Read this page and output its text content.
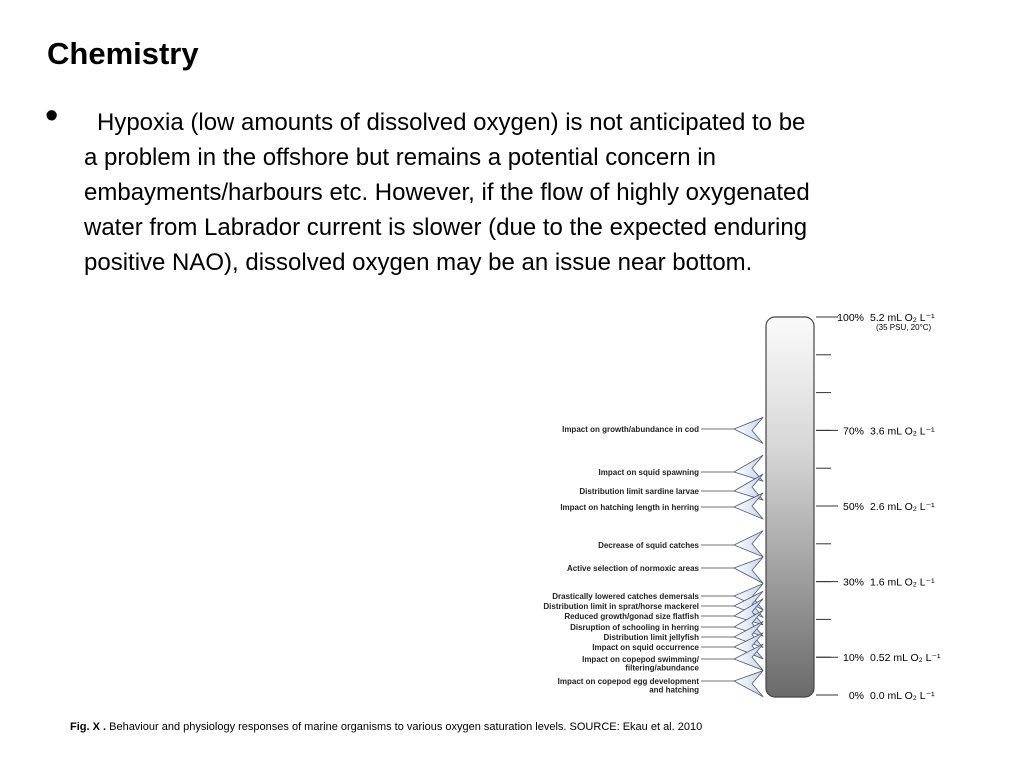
Chemistry
•	Hypoxia (low amounts of dissolved oxygen) is not anticipated to be
a problem in the offshore but remains a potential concern in
embayments/harbours etc. However, if the flow of highly oxygenated
water from Labrador current is slower (due to the expected enduring
positive NAO), dissolved oxygen may be an issue near bottom.
100% 5.2 mL O₂ L⁻¹
(35 PSU, 20°C)
70% 3.6 mL O₂ L⁻¹
50% 2.6 mL O₂ L⁻¹
30% 1.6 mL O₂ L⁻¹
10% 0.52 mL O₂ L⁻¹
0% 0.0 mL O₂ L⁻¹
Impact on growth/abundance in cod
Impact on squid spawning
Distribution limit sardine larvae
Impact on hatching length in herring
Decrease of squid catches
Active selection of normoxic areas
Drastically lowered catches demersals
Distribution limit in sprat/horse mackerel
Reduced growth/gonad size flatfish
Disruption of schooling in herring
Distribution limit jellyfish
Impact on squid occurrence
Impact on copepod swimming/
filtering/abundance
Impact on copepod egg development
and hatching
Fig. X . Behaviour and physiology responses of marine organisms to various oxygen saturation levels. SOURCE: Ekau et al. 2010
